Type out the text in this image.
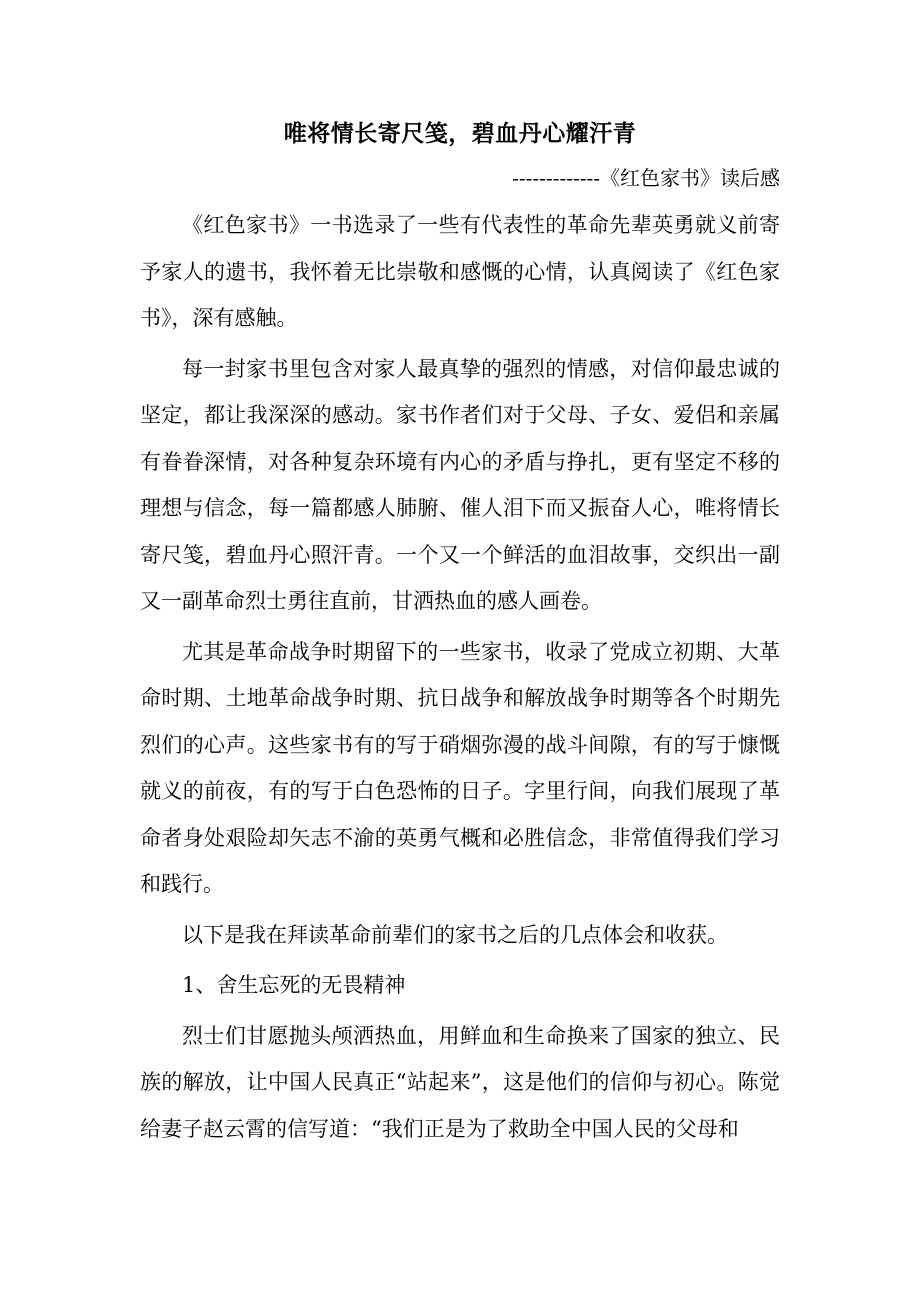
唯将情长寄尺笺，碧血丹心耀汗青
-------------《红色家书》读后感

《红色家书》一书选录了一些有代表性的革命先辈英勇就义前寄予家人的遗书，我怀着无比崇敬和感慨的心情，认真阅读了《红色家书》，深有感触。

每一封家书里包含对家人最真挚的强烈的情感，对信仰最忠诚的坚定，都让我深深的感动。家书作者们对于父母、子女、爱侣和亲属有眷眷深情，对各种复杂环境有内心的矛盾与挣扎，更有坚定不移的理想与信念，每一篇都感人肺腑、催人泪下而又振奋人心，唯将情长寄尺笺，碧血丹心照汗青。一个又一个鲜活的血泪故事，交织出一副又一副革命烈士勇往直前，甘洒热血的感人画卷。

尤其是革命战争时期留下的一些家书，收录了党成立初期、大革命时期、土地革命战争时期、抗日战争和解放战争时期等各个时期先烈们的心声。这些家书有的写于硝烟弥漫的战斗间隙，有的写于慷慨就义的前夜，有的写于白色恐怖的日子。字里行间，向我们展现了革命者身处艰险却矢志不渝的英勇气概和必胜信念，非常值得我们学习和践行。

以下是我在拜读革命前辈们的家书之后的几点体会和收获。

1、舍生忘死的无畏精神

烈士们甘愿抛头颅洒热血，用鲜血和生命换来了国家的独立、民族的解放，让中国人民真正“站起来”，这是他们的信仰与初心。陈觉给妻子赵云霄的信写道：“我们正是为了救助全中国人民的父母和
